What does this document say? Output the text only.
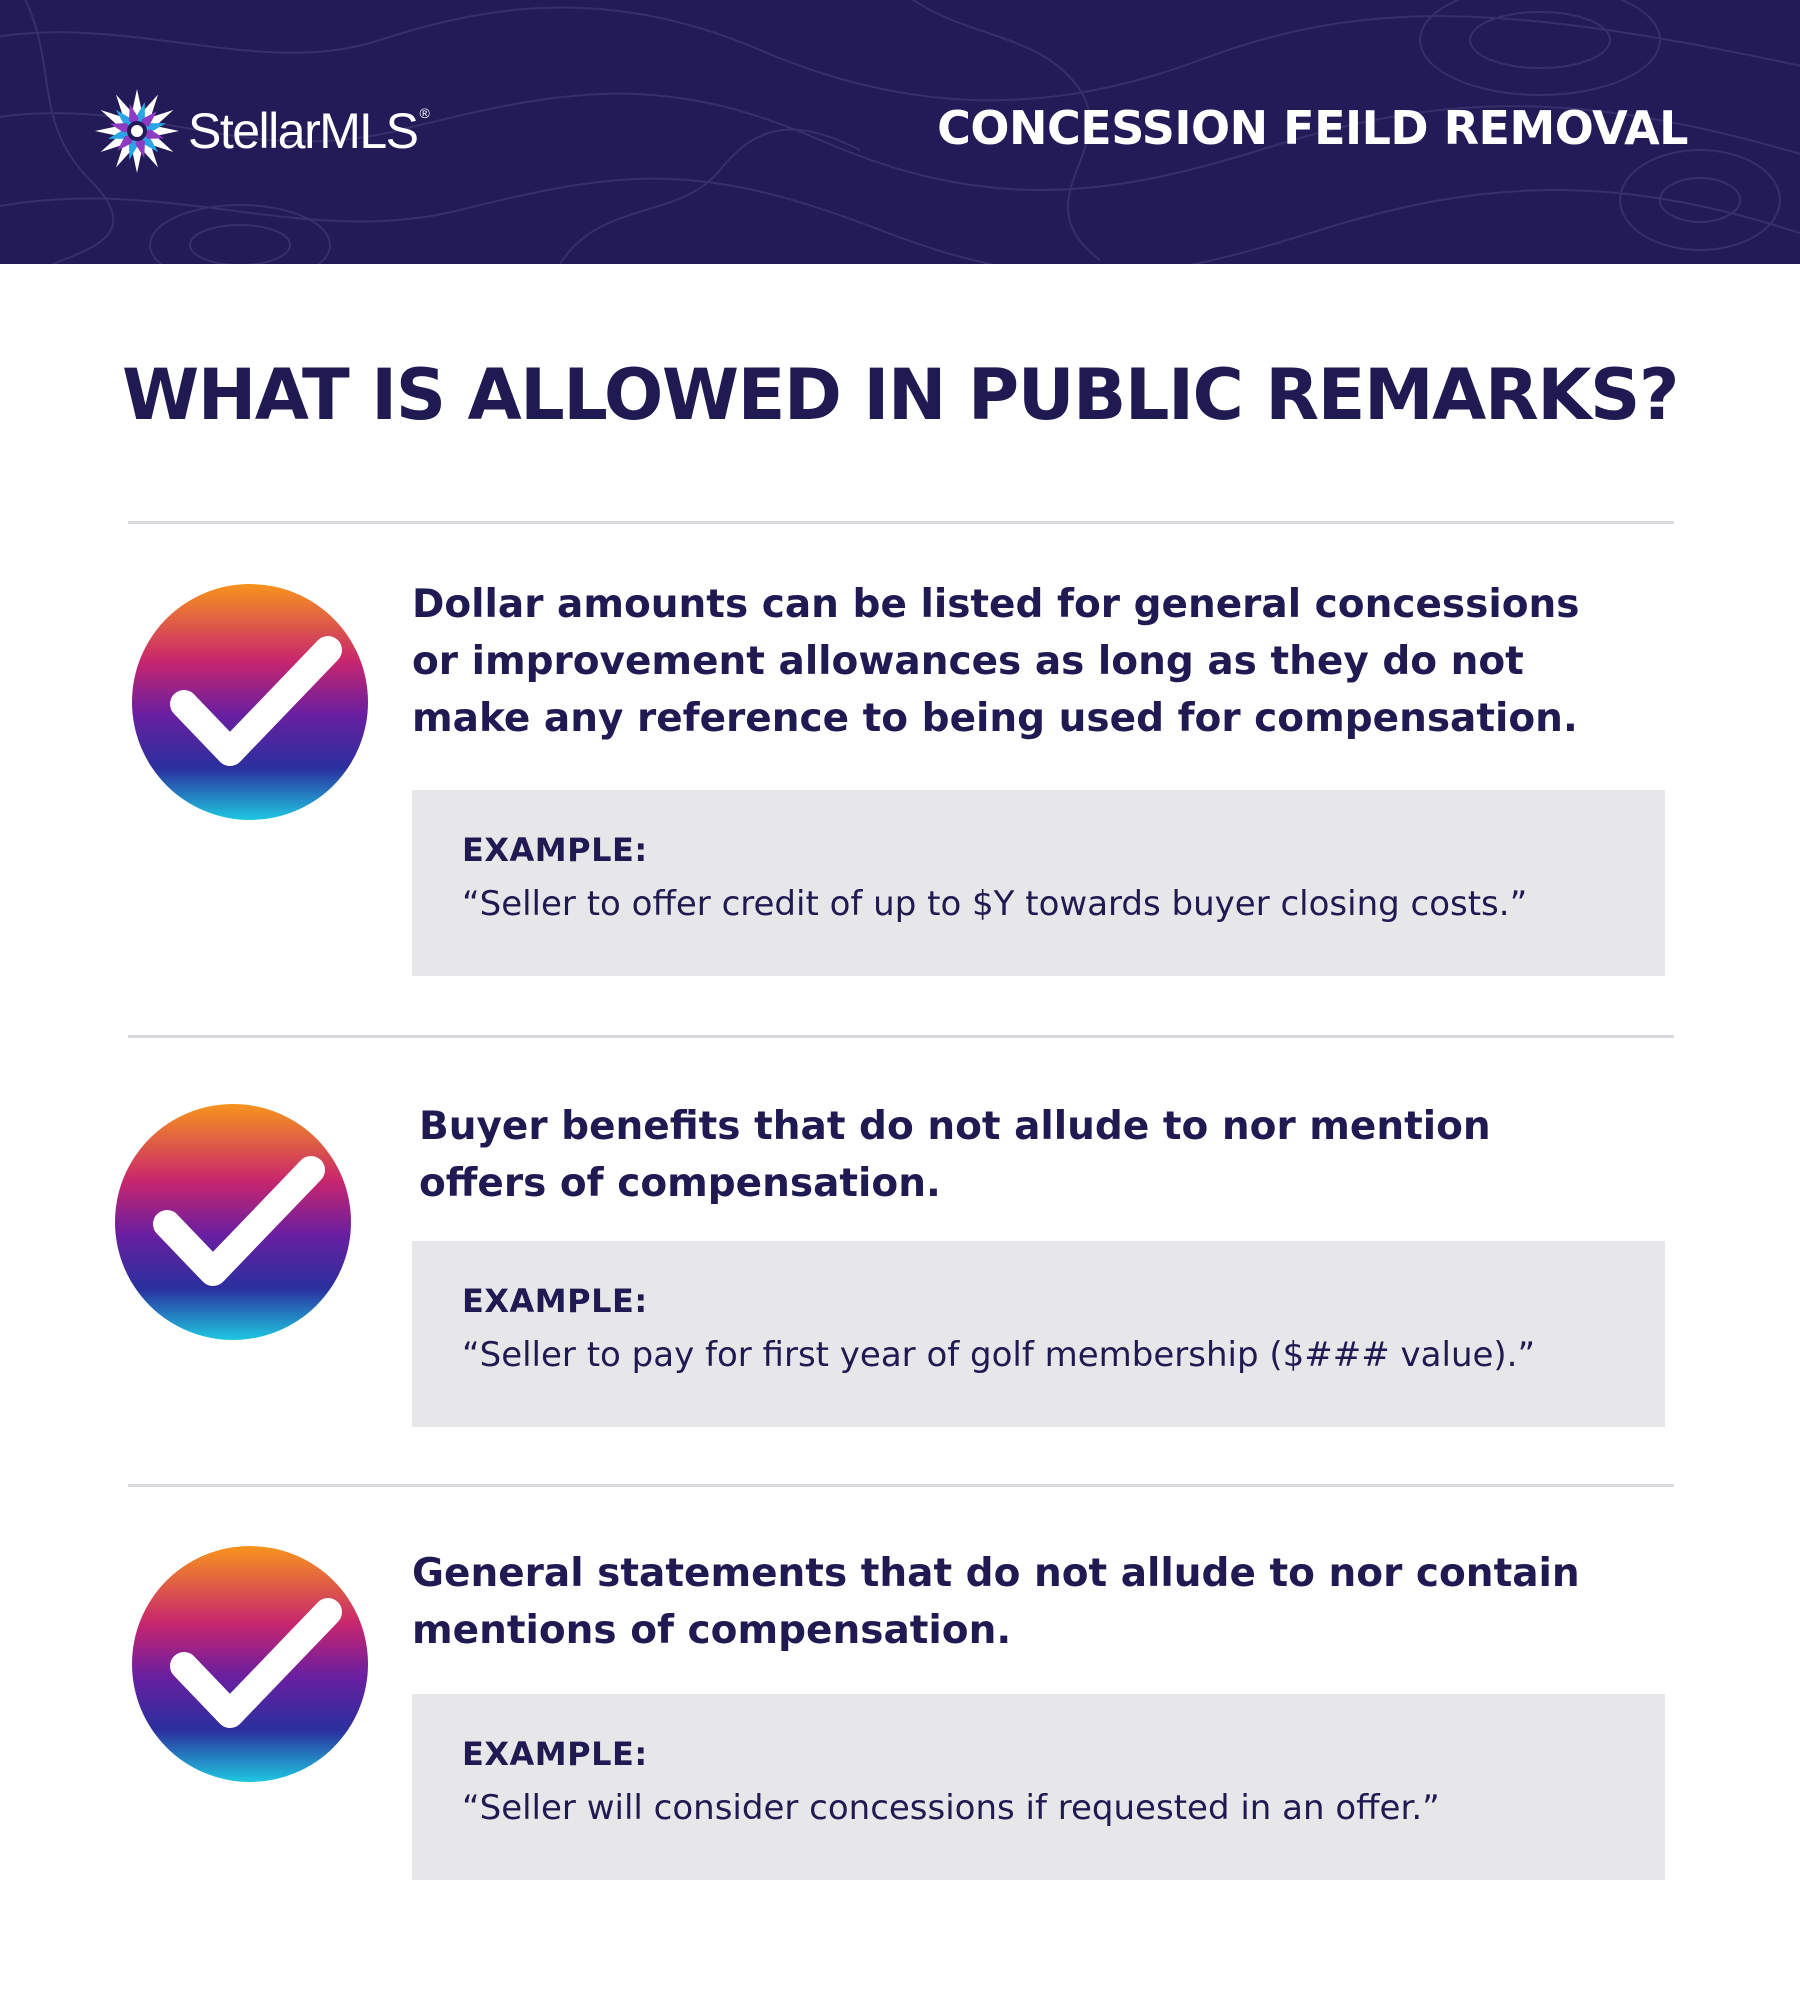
StellarMLS ®	CONCESSION FEILD REMOVAL
WHAT IS ALLOWED IN PUBLIC REMARKS?

Dollar amounts can be listed for general concessions or improvement allowances as long as they do not make any reference to being used for compensation.

EXAMPLE:
“Seller to offer credit of up to $Y towards buyer closing costs.”

Buyer benefits that do not allude to nor mention offers of compensation.

EXAMPLE:
“Seller to pay for first year of golf membership ($### value).”

General statements that do not allude to nor contain mentions of compensation.

EXAMPLE:
“Seller will consider concessions if requested in an offer.”
